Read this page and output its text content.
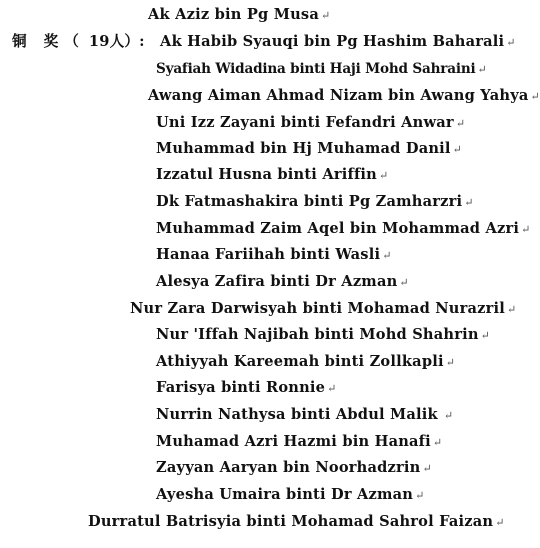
Ak Aziz bin Pg Musa ↵
铜 奖（ 19人）: Ak Habib Syauqi bin Pg Hashim Baharali ↵
Syafiah Widadina binti Haji Mohd Sahraini ↵
Awang Aiman Ahmad Nizam bin Awang Yahya ↵
Uni Izz Zayani binti Fefandri Anwar ↵
Muhammad bin Hj Muhamad Danil ↵
Izzatul Husna binti Ariffin ↵
Dk Fatmashakira binti Pg Zamharzri ↵
Muhammad Zaim Aqel bin Mohammad Azri ↵
Hanaa Fariihah binti Wasli ↵
Alesya Zafira binti Dr Azman ↵
Nur Zara Darwisyah binti Mohamad Nurazril ↵
Nur 'Iffah Najibah binti Mohd Shahrin ↵
Athiyyah Kareemah binti Zollkapli ↵
Farisya binti Ronnie ↵
Nurrin Nathysa binti Abdul Malik ↵
Muhamad Azri Hazmi bin Hanafi ↵
Zayyan Aaryan bin Noorhadzrin ↵
Ayesha Umaira binti Dr Azman ↵
Durratul Batrisyia binti Mohamad Sahrol Faizan ↵
